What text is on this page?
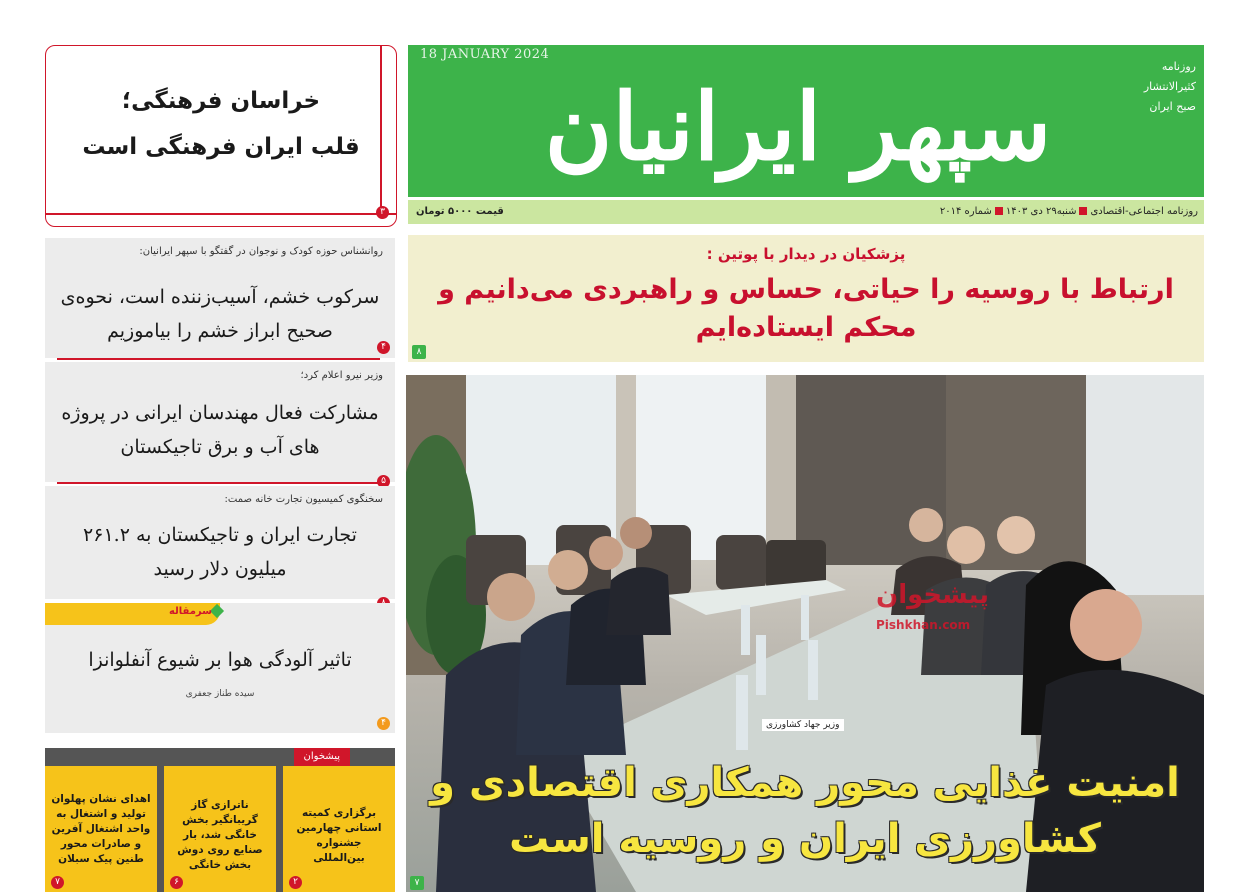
18 JANUARY 2024
سپهر ایرانیان
روزنامه
کثیرالانتشار
صبح ایران
روزنامه اجتماعی-اقتصادیشنبه۲۹ دی ۱۴۰۳شماره ۲۰۱۴
قیمت ۵۰۰۰ تومان
پزشکیان در دیدار با پوتین :
ارتباط با روسیه را حیاتی، حساس و راهبردی می‌دانیم و محکم ایستاده‌ایم
۸
پیشخوان
Pishkhan.com
وزیر جهاد کشاورزی
امنیت غذایی محور همکاری اقتصادی و کشاورزی ایران و روسیه است
۷
خراسان فرهنگی؛
قلب ایران فرهنگی است
۳
روانشناس حوزه کودک و نوجوان در گفتگو با سپهر ایرانیان:
سرکوب خشم، آسیب‌زننده است، نحوه‌ی صحیح ابراز خشم را بیاموزیم
۴
وزیر نیرو اعلام کرد؛
مشارکت فعال مهندسان ایرانی در پروژه های آب و برق تاجیکستان
۵
سخنگوی کمیسیون تجارت خانه صمت:
تجارت ایران و تاجیکستان به ۲۶۱.۲ میلیون دلار رسید
سرمقاله
تاثیر آلودگی هوا بر شیوع آنفلوانزا
سیده طناز جعفری
۴
پیشخوان
برگزاری کمیته استانی چهارمین جشنواره بین‌المللی
۲
ناترازی گاز گریبانگیر بخش خانگی شد، بار صنایع روی دوش بخش خانگی
۶
اهدای نشان پهلوان تولید و اشتغال به واحد اشتغال آفرین و صادرات محور طنین پیک سبلان
۷
